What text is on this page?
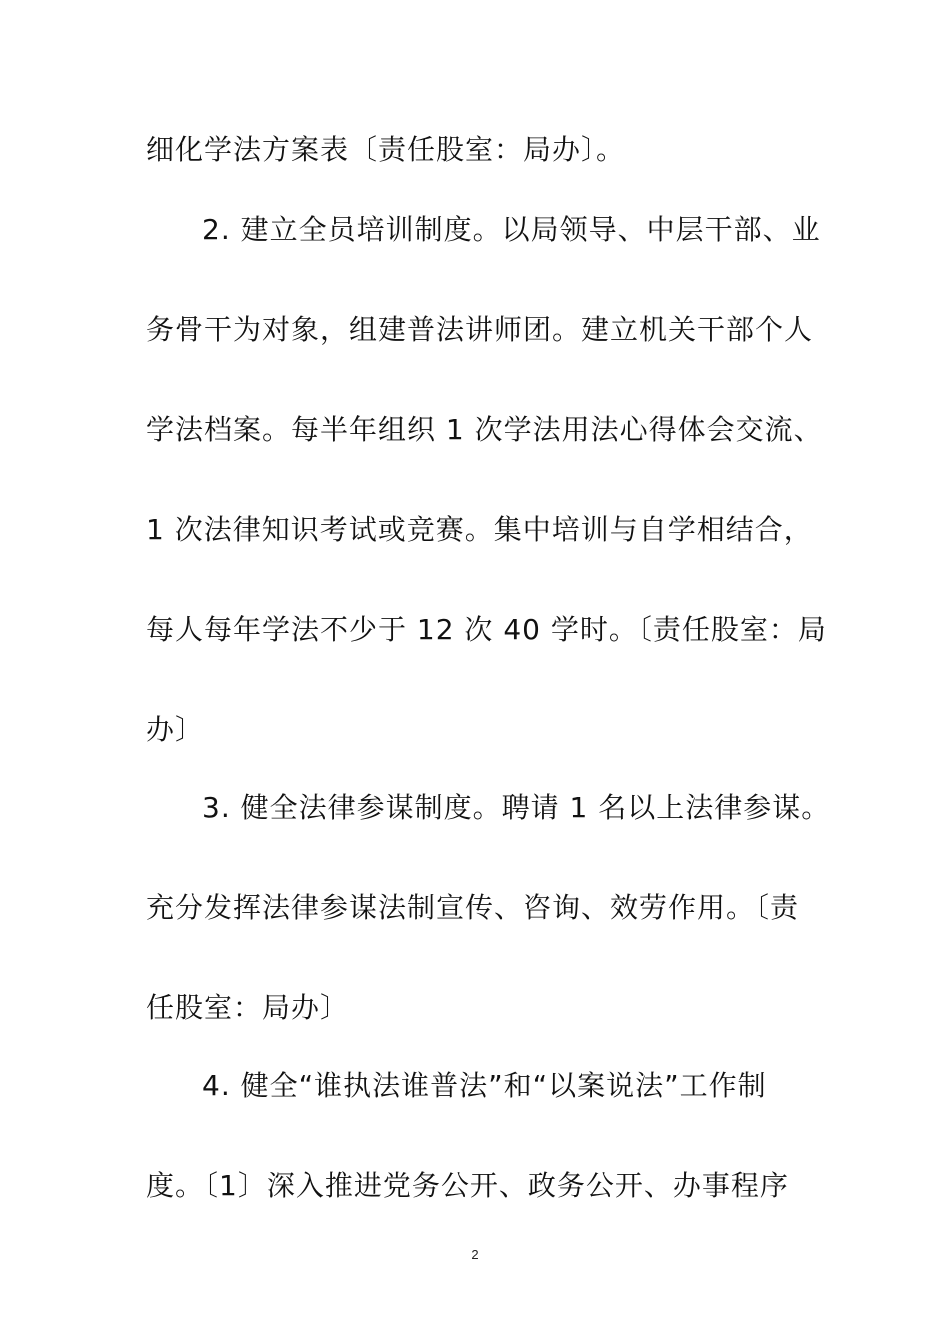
细化学法方案表〔责任股室：局办〕。
2. 建立全员培训制度。以局领导、中层干部、业
务骨干为对象，组建普法讲师团。建立机关干部个人
学法档案。每半年组织 1 次学法用法心得体会交流、
1 次法律知识考试或竞赛。集中培训与自学相结合，
每人每年学法不少于 12 次 40 学时。〔责任股室：局
办〕
3. 健全法律参谋制度。聘请 1 名以上法律参谋。
充分发挥法律参谋法制宣传、咨询、效劳作用。〔责
任股室：局办〕
4. 健全“谁执法谁普法”和“以案说法”工作制
度。〔1〕深入推进党务公开、政务公开、办事程序
2
